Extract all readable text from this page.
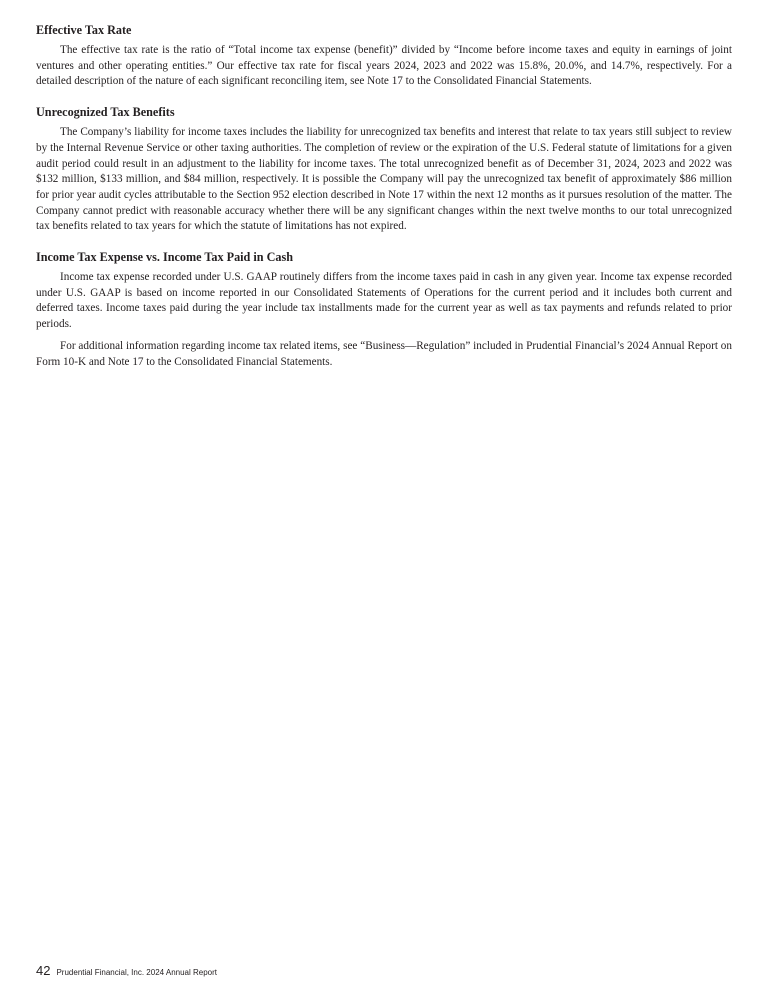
Effective Tax Rate

The effective tax rate is the ratio of “Total income tax expense (benefit)” divided by “Income before income taxes and equity in earnings of joint ventures and other operating entities.” Our effective tax rate for fiscal years 2024, 2023 and 2022 was 15.8%, 20.0%, and 14.7%, respectively. For a detailed description of the nature of each significant reconciling item, see Note 17 to the Consolidated Financial Statements.

Unrecognized Tax Benefits

The Company’s liability for income taxes includes the liability for unrecognized tax benefits and interest that relate to tax years still subject to review by the Internal Revenue Service or other taxing authorities. The completion of review or the expiration of the U.S. Federal statute of limitations for a given audit period could result in an adjustment to the liability for income taxes. The total unrecognized benefit as of December 31, 2024, 2023 and 2022 was $132 million, $133 million, and $84 million, respectively. It is possible the Company will pay the unrecognized tax benefit of approximately $86 million for prior year audit cycles attributable to the Section 952 election described in Note 17 within the next 12 months as it pursues resolution of the matter. The Company cannot predict with reasonable accuracy whether there will be any significant changes within the next twelve months to our total unrecognized tax benefits related to tax years for which the statute of limitations has not expired.

Income Tax Expense vs. Income Tax Paid in Cash

Income tax expense recorded under U.S. GAAP routinely differs from the income taxes paid in cash in any given year. Income tax expense recorded under U.S. GAAP is based on income reported in our Consolidated Statements of Operations for the current period and it includes both current and deferred taxes. Income taxes paid during the year include tax installments made for the current year as well as tax payments and refunds related to prior periods.

For additional information regarding income tax related items, see “Business—Regulation” included in Prudential Financial’s 2024 Annual Report on Form 10-K and Note 17 to the Consolidated Financial Statements.

42 Prudential Financial, Inc. 2024 Annual Report
